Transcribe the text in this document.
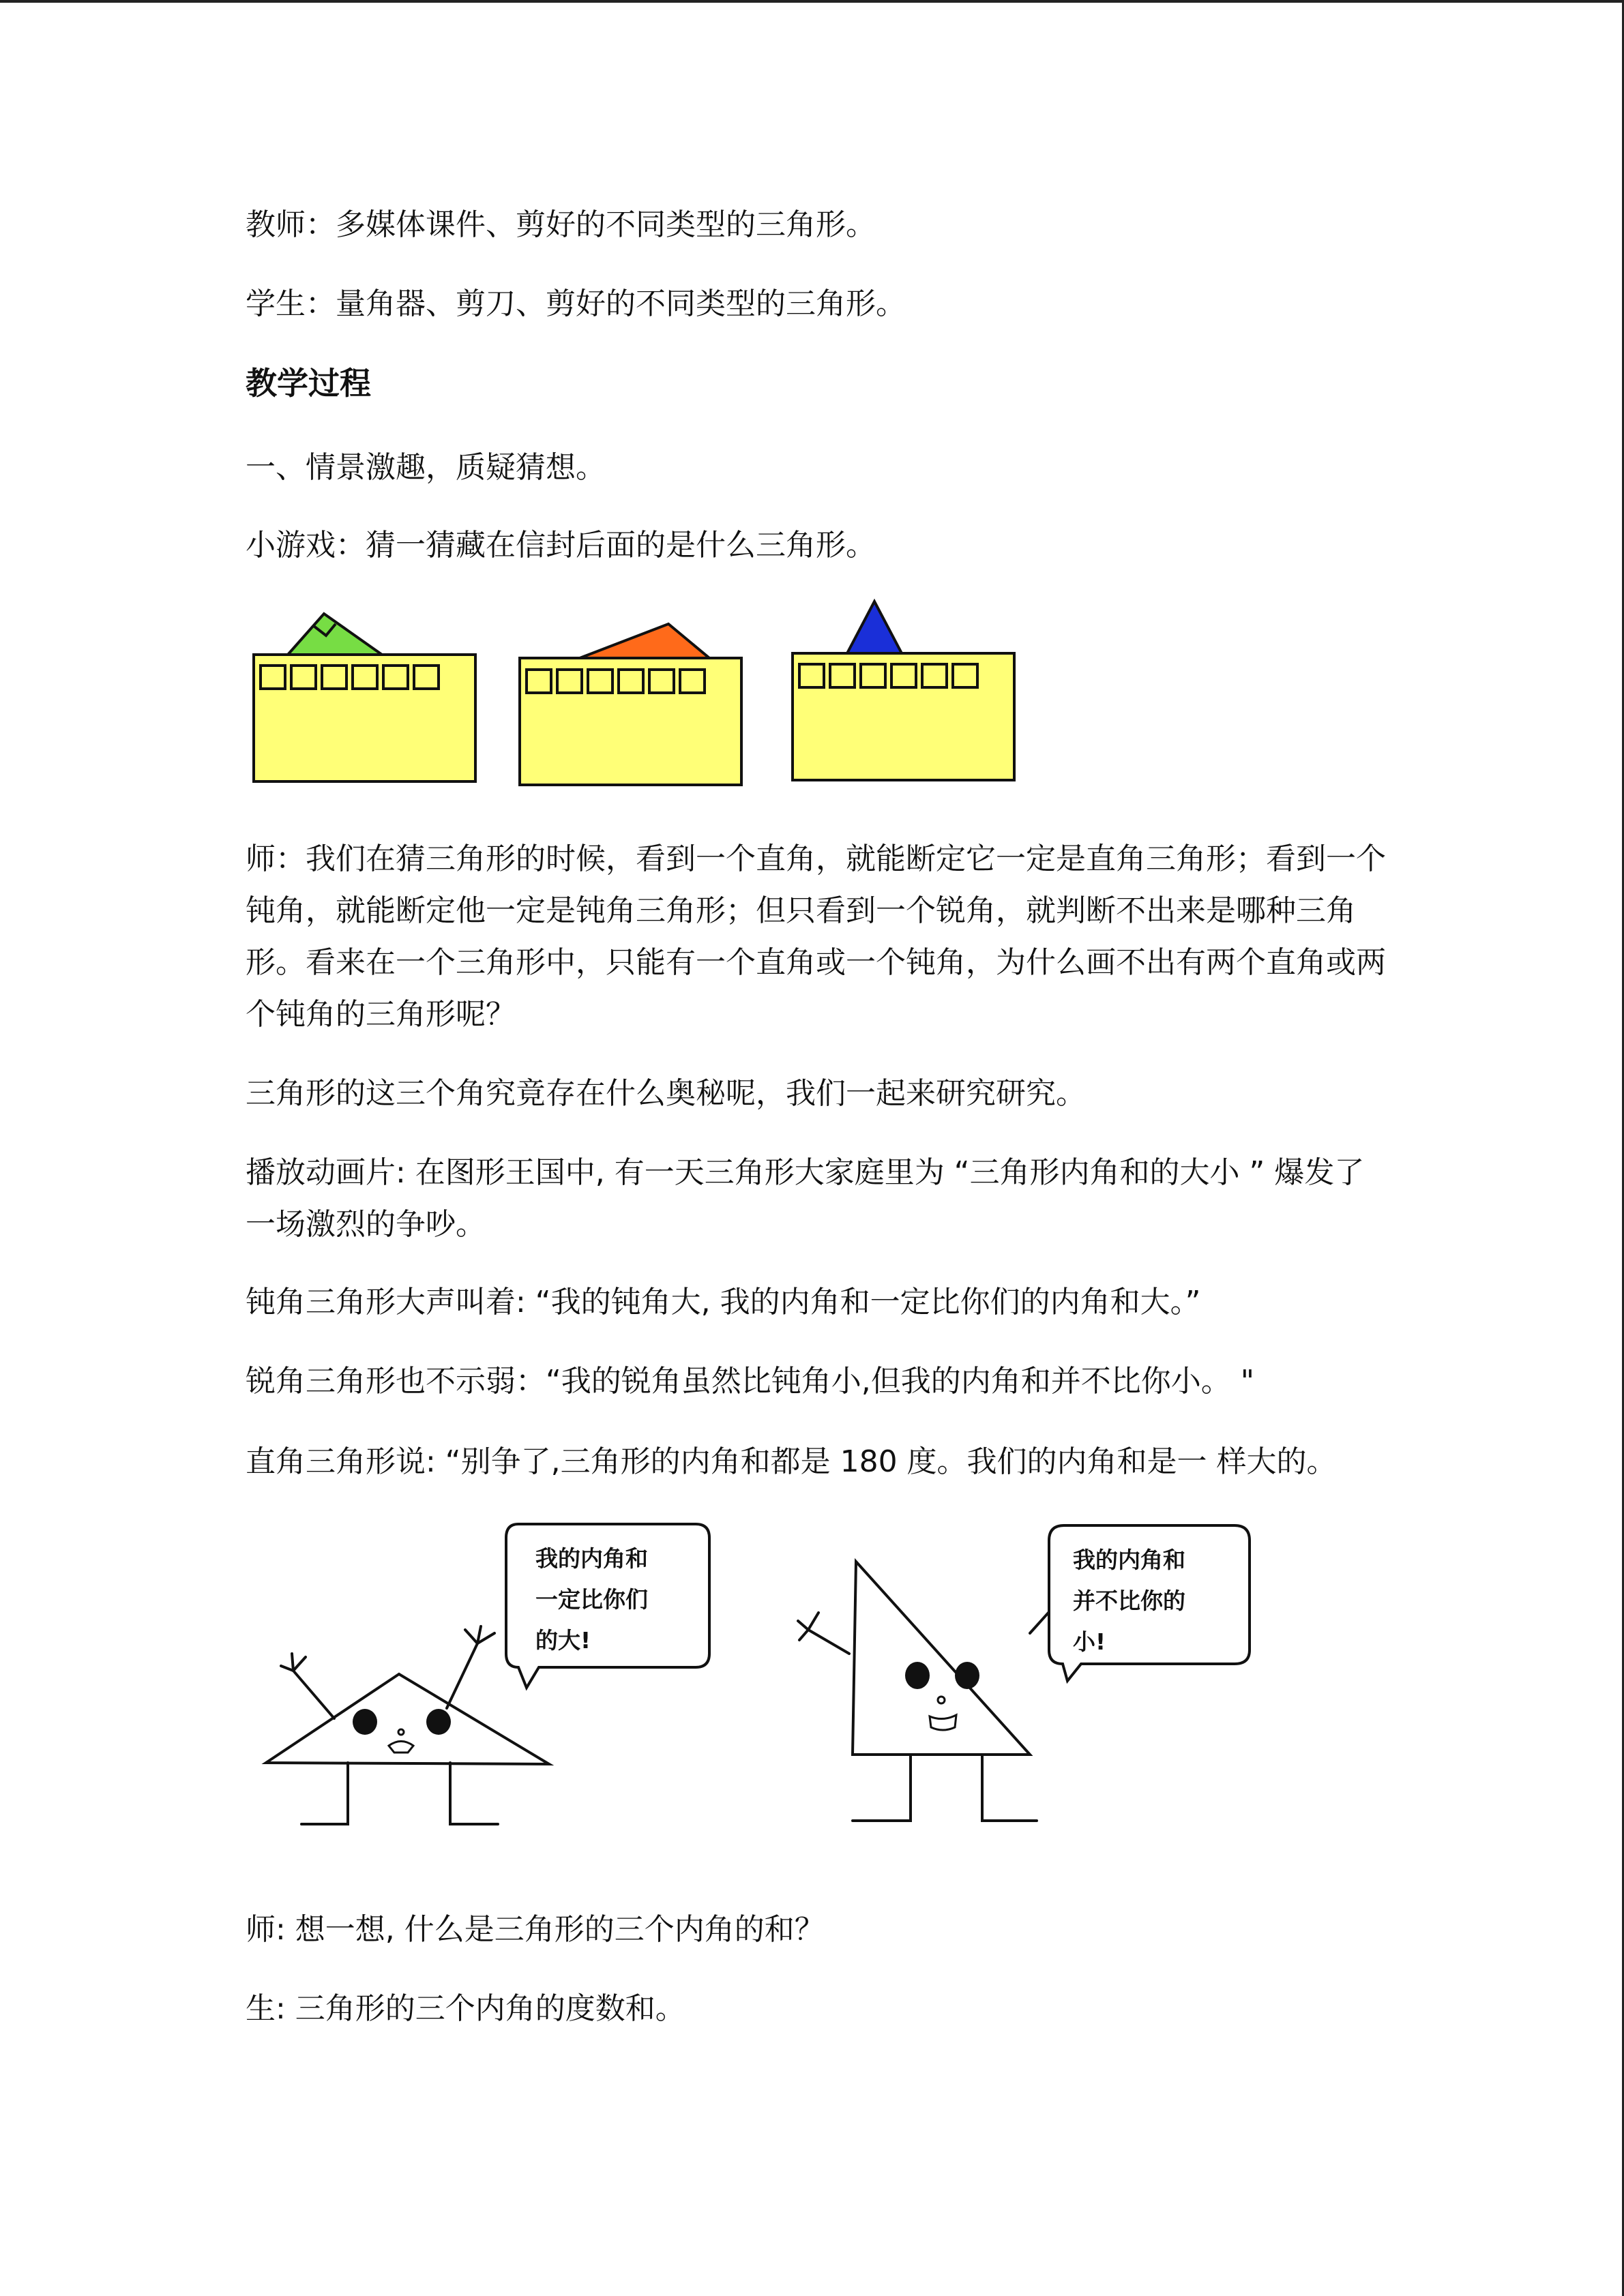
教师：多媒体课件、剪好的不同类型的三角形。

学生：量角器、剪刀、剪好的不同类型的三角形。

教学过程

一、情景激趣，质疑猜想。

小游戏：猜一猜藏在信封后面的是什么三角形。

师：我们在猜三角形的时候，看到一个直角，就能断定它一定是直角三角形；看到一个钝角，就能断定他一定是钝角三角形；但只看到一个锐角，就判断不出来是哪种三角形。看来在一个三角形中，只能有一个直角或一个钝角，为什么画不出有两个直角或两个钝角的三角形呢？

三角形的这三个角究竟存在什么奥秘呢，我们一起来研究研究。

播放动画片: 在图形王国中, 有一天三角形大家庭里为 “三角形内角和的大小 ” 爆发了一场激烈的争吵。

钝角三角形大声叫着: “我的钝角大, 我的内角和一定比你们的内角和大。”

锐角三角形也不示弱：“我的锐角虽然比钝角小,但我的内角和并不比你小。 "

直角三角形说: “别争了,三角形的内角和都是 180 度。我们的内角和是一 样大的。

我的内角和
一定比你们
的大!
我的内角和
并不比你的
小!

师: 想一想, 什么是三角形的三个内角的和？

生: 三角形的三个内角的度数和。
